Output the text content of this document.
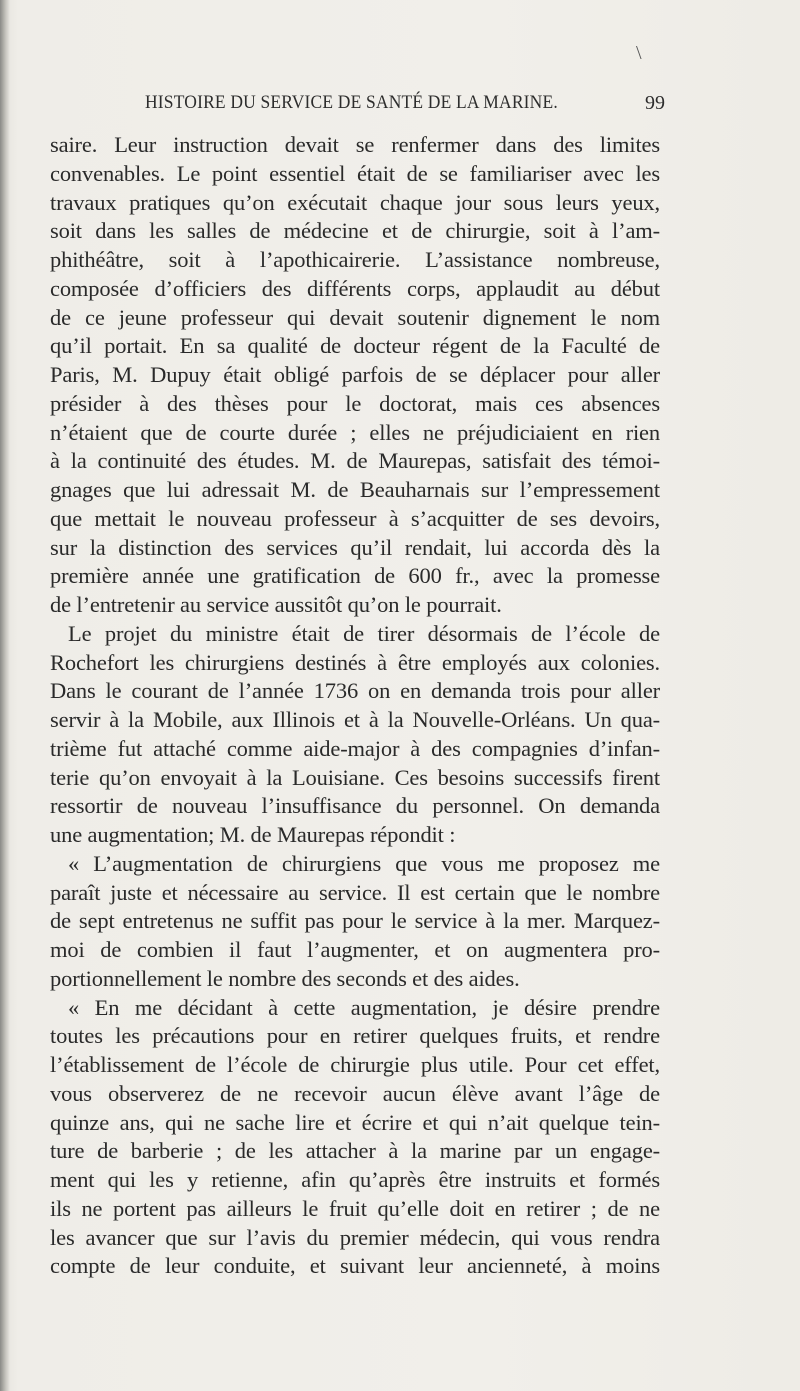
\
HISTOIRE DU SERVICE DE SANTÉ DE LA MARINE.	99
saire. Leur instruction devait se renfermer dans des limites
convenables. Le point essentiel était de se familiariser avec les
travaux pratiques qu’on exécutait chaque jour sous leurs yeux,
soit dans les salles de médecine et de chirurgie, soit à l’am-
phithéâtre, soit à l’apothicairerie. L’assistance nombreuse,
composée d’officiers des différents corps, applaudit au début
de ce jeune professeur qui devait soutenir dignement le nom
qu’il portait. En sa qualité de docteur régent de la Faculté de
Paris, M. Dupuy était obligé parfois de se déplacer pour aller
présider à des thèses pour le doctorat, mais ces absences
n’étaient que de courte durée ; elles ne préjudiciaient en rien
à la continuité des études. M. de Maurepas, satisfait des témoi-
gnages que lui adressait M. de Beauharnais sur l’empressement
que mettait le nouveau professeur à s’acquitter de ses devoirs,
sur la distinction des services qu’il rendait, lui accorda dès la
première année une gratification de 600 fr., avec la promesse
de l’entretenir au service aussitôt qu’on le pourrait.
Le projet du ministre était de tirer désormais de l’école de
Rochefort les chirurgiens destinés à être employés aux colonies.
Dans le courant de l’année 1736 on en demanda trois pour aller
servir à la Mobile, aux Illinois et à la Nouvelle-Orléans. Un qua-
trième fut attaché comme aide-major à des compagnies d’infan-
terie qu’on envoyait à la Louisiane. Ces besoins successifs firent
ressortir de nouveau l’insuffisance du personnel. On demanda
une augmentation; M. de Maurepas répondit :
« L’augmentation de chirurgiens que vous me proposez me
paraît juste et nécessaire au service. Il est certain que le nombre
de sept entretenus ne suffit pas pour le service à la mer. Marquez-
moi de combien il faut l’augmenter, et on augmentera pro-
portionnellement le nombre des seconds et des aides.
« En me décidant à cette augmentation, je désire prendre
toutes les précautions pour en retirer quelques fruits, et rendre
l’établissement de l’école de chirurgie plus utile. Pour cet effet,
vous observerez de ne recevoir aucun élève avant l’âge de
quinze ans, qui ne sache lire et écrire et qui n’ait quelque tein-
ture de barberie ; de les attacher à la marine par un engage-
ment qui les y retienne, afin qu’après être instruits et formés
ils ne portent pas ailleurs le fruit qu’elle doit en retirer ; de ne
les avancer que sur l’avis du premier médecin, qui vous rendra
compte de leur conduite, et suivant leur ancienneté, à moins
